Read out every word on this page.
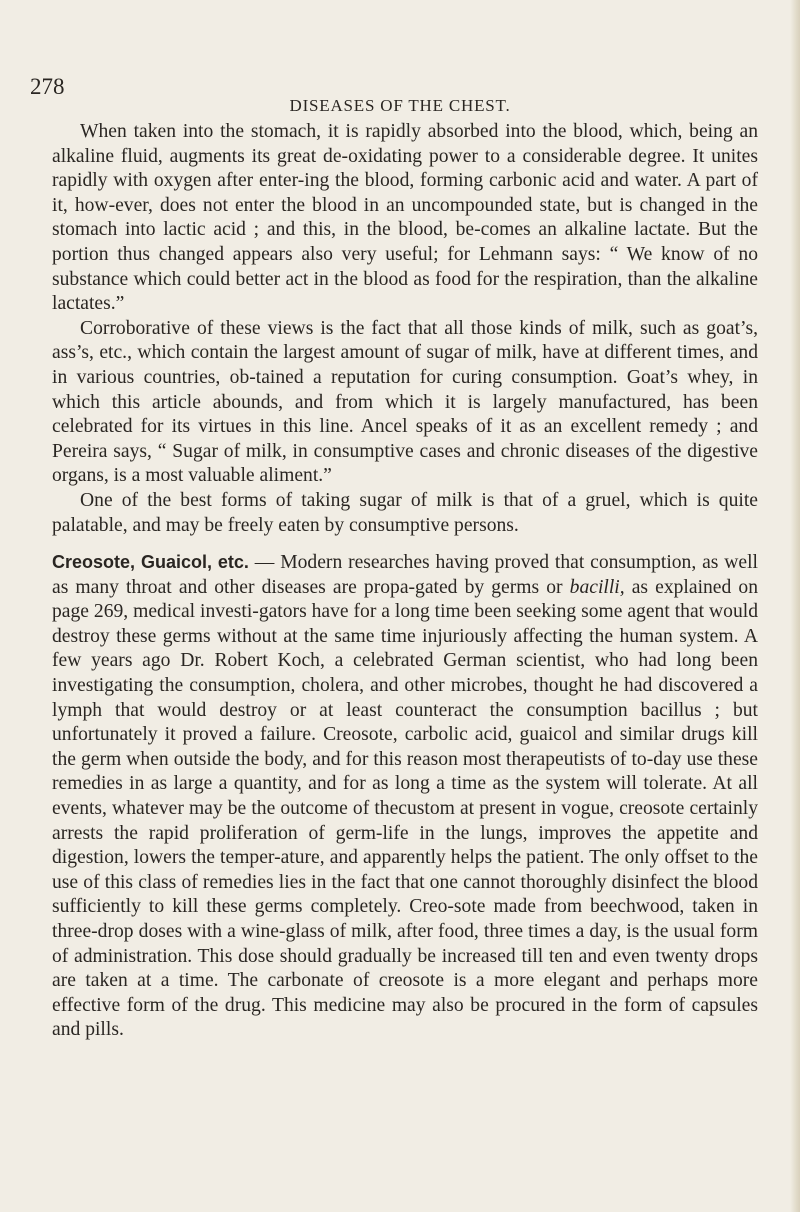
278
DISEASES OF THE CHEST.

When taken into the stomach, it is rapidly absorbed into the blood, which, being an alkaline fluid, augments its great de-oxidating power to a considerable degree. It unites rapidly with oxygen after enter-ing the blood, forming carbonic acid and water. A part of it, how-ever, does not enter the blood in an uncompounded state, but is changed in the stomach into lactic acid ; and this, in the blood, be-comes an alkaline lactate. But the portion thus changed appears also very useful; for Lehmann says: “ We know of no substance which could better act in the blood as food for the respiration, than the alkaline lactates.”

Corroborative of these views is the fact that all those kinds of milk, such as goat’s, ass’s, etc., which contain the largest amount of sugar of milk, have at different times, and in various countries, ob-tained a reputation for curing consumption. Goat’s whey, in which this article abounds, and from which it is largely manufactured, has been celebrated for its virtues in this line. Ancel speaks of it as an excellent remedy ; and Pereira says, “ Sugar of milk, in consumptive cases and chronic diseases of the digestive organs, is a most valuable aliment.”

One of the best forms of taking sugar of milk is that of a gruel, which is quite palatable, and may be freely eaten by consumptive persons.

Creosote, Guaicol, etc. — Modern researches having proved that consumption, as well as many throat and other diseases are propa-gated by germs or bacilli, as explained on page 269, medical investi-gators have for a long time been seeking some agent that would destroy these germs without at the same time injuriously affecting the human system. A few years ago Dr. Robert Koch, a celebrated German scientist, who had long been investigating the consumption, cholera, and other microbes, thought he had discovered a lymph that would destroy or at least counteract the consumption bacillus ; but unfortunately it proved a failure. Creosote, carbolic acid, guaicol and similar drugs kill the germ when outside the body, and for this reason most therapeutists of to-day use these remedies in as large a quantity, and for as long a time as the system will tolerate. At all events, whatever may be the outcome of thecustom at present in vogue, creosote certainly arrests the rapid proliferation of germ-life in the lungs, improves the appetite and digestion, lowers the temper-ature, and apparently helps the patient. The only offset to the use of this class of remedies lies in the fact that one cannot thoroughly disinfect the blood sufficiently to kill these germs completely. Creo-sote made from beechwood, taken in three-drop doses with a wine-glass of milk, after food, three times a day, is the usual form of administration. This dose should gradually be increased till ten and even twenty drops are taken at a time. The carbonate of creosote is a more elegant and perhaps more effective form of the drug. This medicine may also be procured in the form of capsules and pills.
